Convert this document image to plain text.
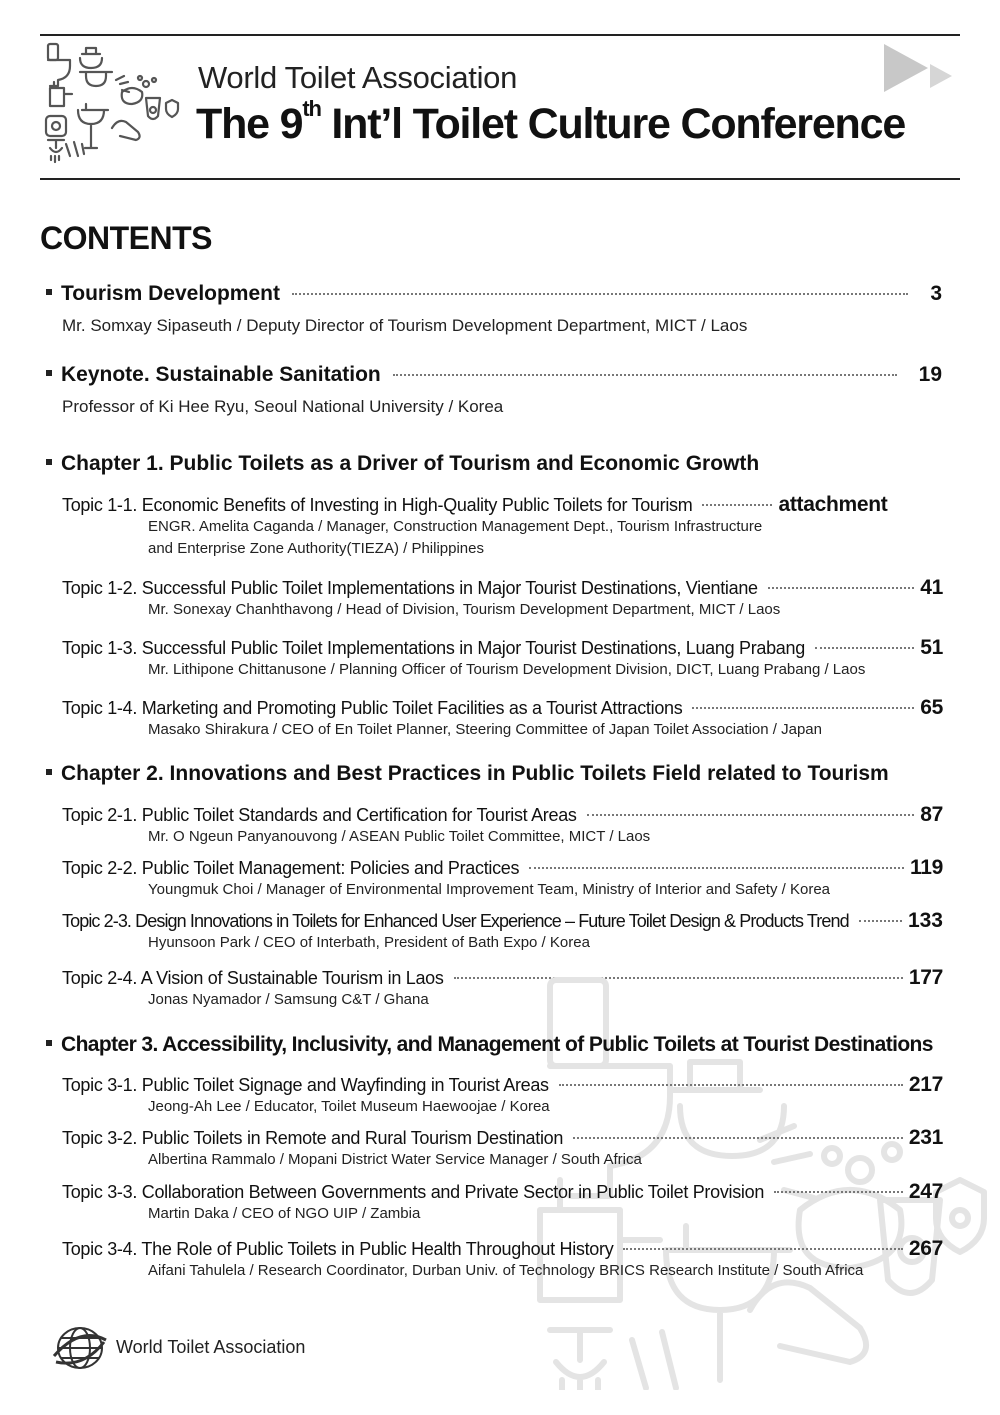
World Toilet Association
The 9th Int’l Toilet Culture Conference
CONTENTS
Tourism Development	3
Mr. Somxay Sipaseuth / Deputy Director of Tourism Development Department, MICT / Laos
Keynote. Sustainable Sanitation	19
Professor of Ki Hee Ryu, Seoul National University / Korea
Chapter 1. Public Toilets as a Driver of Tourism and Economic Growth
Topic 1-1. Economic Benefits of Investing in High-Quality Public Toilets for Tourism	attachment
ENGR. Amelita Caganda / Manager, Construction Management Dept., Tourism Infrastructure
and Enterprise Zone Authority(TIEZA) / Philippines
Topic 1-2. Successful Public Toilet Implementations in Major Tourist Destinations, Vientiane	41
Mr. Sonexay Chanhthavong / Head of Division, Tourism Development Department, MICT / Laos
Topic 1-3. Successful Public Toilet Implementations in Major Tourist Destinations, Luang Prabang	51
Mr. Lithipone Chittanusone / Planning Officer of Tourism Development Division, DICT, Luang Prabang / Laos
Topic 1-4. Marketing and Promoting Public Toilet Facilities as a Tourist Attractions	65
Masako Shirakura / CEO of En Toilet Planner, Steering Committee of Japan Toilet Association / Japan
Chapter 2. Innovations and Best Practices in Public Toilets Field related to Tourism
Topic 2-1. Public Toilet Standards and Certification for Tourist Areas	87
Mr. O Ngeun Panyanouvong / ASEAN Public Toilet Committee, MICT / Laos
Topic 2-2. Public Toilet Management: Policies and Practices	119
Youngmuk Choi / Manager of Environmental Improvement Team, Ministry of Interior and Safety / Korea
Topic 2-3. Design Innovations in Toilets for Enhanced User Experience – Future Toilet Design & Products Trend	133
Hyunsoon Park / CEO of Interbath, President of Bath Expo / Korea
Topic 2-4. A Vision of Sustainable Tourism in Laos	177
Jonas Nyamador / Samsung C&T / Ghana
Chapter 3. Accessibility, Inclusivity, and Management of Public Toilets at Tourist Destinations
Topic 3-1. Public Toilet Signage and Wayfinding in Tourist Areas	217
Jeong-Ah Lee / Educator, Toilet Museum Haewoojae / Korea
Topic 3-2. Public Toilets in Remote and Rural Tourism Destination	231
Albertina Rammalo / Mopani District Water Service Manager / South Africa
Topic 3-3. Collaboration Between Governments and Private Sector in Public Toilet Provision	247
Martin Daka / CEO of NGO UIP / Zambia
Topic 3-4. The Role of Public Toilets in Public Health Throughout History	267
Aifani Tahulela / Research Coordinator, Durban Univ. of Technology BRICS Research Institute / South Africa
World Toilet Association
